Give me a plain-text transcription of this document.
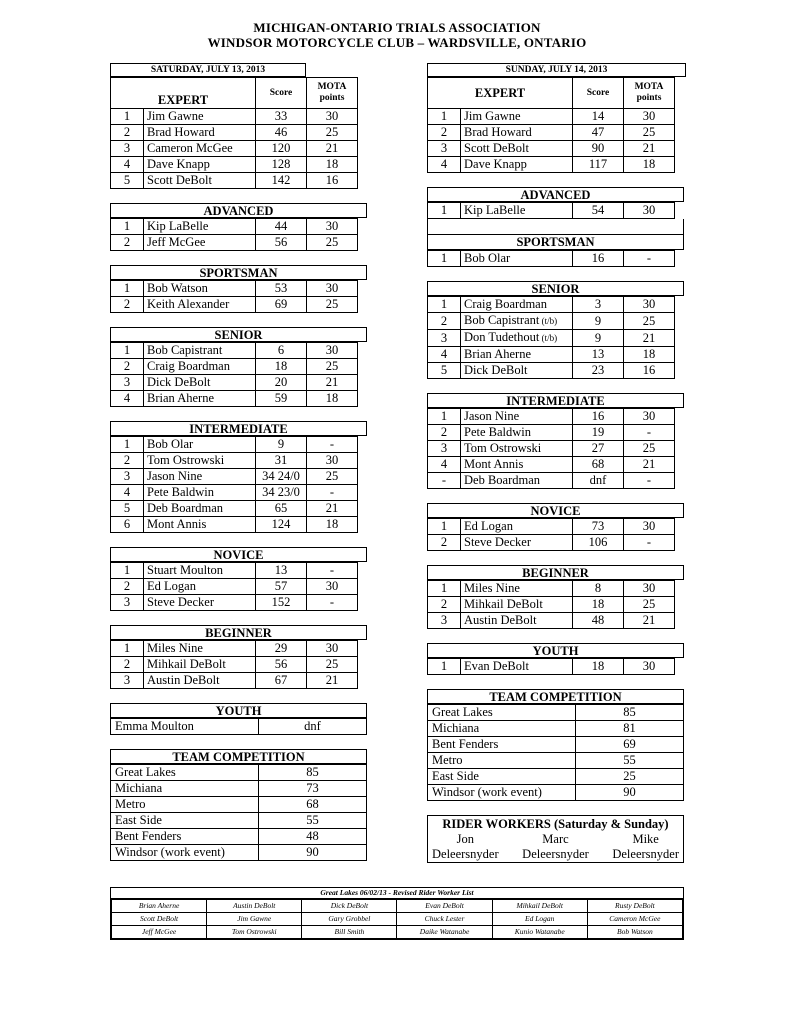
MICHIGAN-ONTARIO TRIALS ASSOCIATION
WINDSOR MOTORCYCLE CLUB – WARDSVILLE, ONTARIO
SATURDAY, JULY 13, 2013
EXPERT		Score	MOTA points
1	Jim Gawne	33	30
2	Brad Howard	46	25
3	Cameron McGee	120	21
4	Dave Knapp	128	18
5	Scott DeBolt	142	16
ADVANCED
1	Kip LaBelle	44	30
2	Jeff McGee	56	25
SPORTSMAN
1	Bob Watson	53	30
2	Keith Alexander	69	25
SENIOR
1	Bob Capistrant	6	30
2	Craig Boardman	18	25
3	Dick DeBolt	20	21
4	Brian Aherne	59	18
INTERMEDIATE
1	Bob Olar	9	-
2	Tom Ostrowski	31	30
3	Jason Nine	34 24/0	25
4	Pete Baldwin	34 23/0	-
5	Deb Boardman	65	21
6	Mont Annis	124	18
NOVICE
1	Stuart Moulton	13	-
2	Ed Logan	57	30
3	Steve Decker	152	-
BEGINNER
1	Miles Nine	29	30
2	Mihkail DeBolt	56	25
3	Austin DeBolt	67	21
YOUTH
Emma Moulton	dnf
TEAM COMPETITION
Great Lakes	85
Michiana	73
Metro	68
East Side	55
Bent Fenders	48
Windsor (work event)	90
SUNDAY, JULY 14, 2013
EXPERT		Score	MOTA points
1	Jim Gawne	14	30
2	Brad Howard	47	25
3	Scott DeBolt	90	21
4	Dave Knapp	117	18
ADVANCED
1	Kip LaBelle	54	30
SPORTSMAN
1	Bob Olar	16	-
SENIOR
1	Craig Boardman	3	30
2	Bob Capistrant (t/b)	9	25
3	Don Tudethout (t/b)	9	21
4	Brian Aherne	13	18
5	Dick DeBolt	23	16
INTERMEDIATE
1	Jason Nine	16	30
2	Pete Baldwin	19	-
3	Tom Ostrowski	27	25
4	Mont Annis	68	21
-	Deb Boardman	dnf	-
NOVICE
1	Ed Logan	73	30
2	Steve Decker	106	-
BEGINNER
1	Miles Nine	8	30
2	Mihkail DeBolt	18	25
3	Austin DeBolt	48	21
YOUTH
1	Evan DeBolt	18	30
TEAM COMPETITION
Great Lakes	85
Michiana	81
Bent Fenders	69
Metro	55
East Side	25
Windsor (work event)	90
RIDER WORKERS (Saturday & Sunday)
Jon
Deleersnyder
Marc
Deleersnyder
Mike
Deleersnyder
Great Lakes 06/02/13 - Revised Rider Worker List
Brian Aherne	Austin DeBolt	Dick DeBolt	Evan DeBolt	Mihkail DeBolt	Rusty DeBolt
Scott DeBolt	Jim Gawne	Gary Grobbel	Chuck Lester	Ed Logan	Cameron McGee
Jeff McGee	Tom Ostrowski	Bill Smith	Daike Watanabe	Kunio Watanabe	Bob Watson
